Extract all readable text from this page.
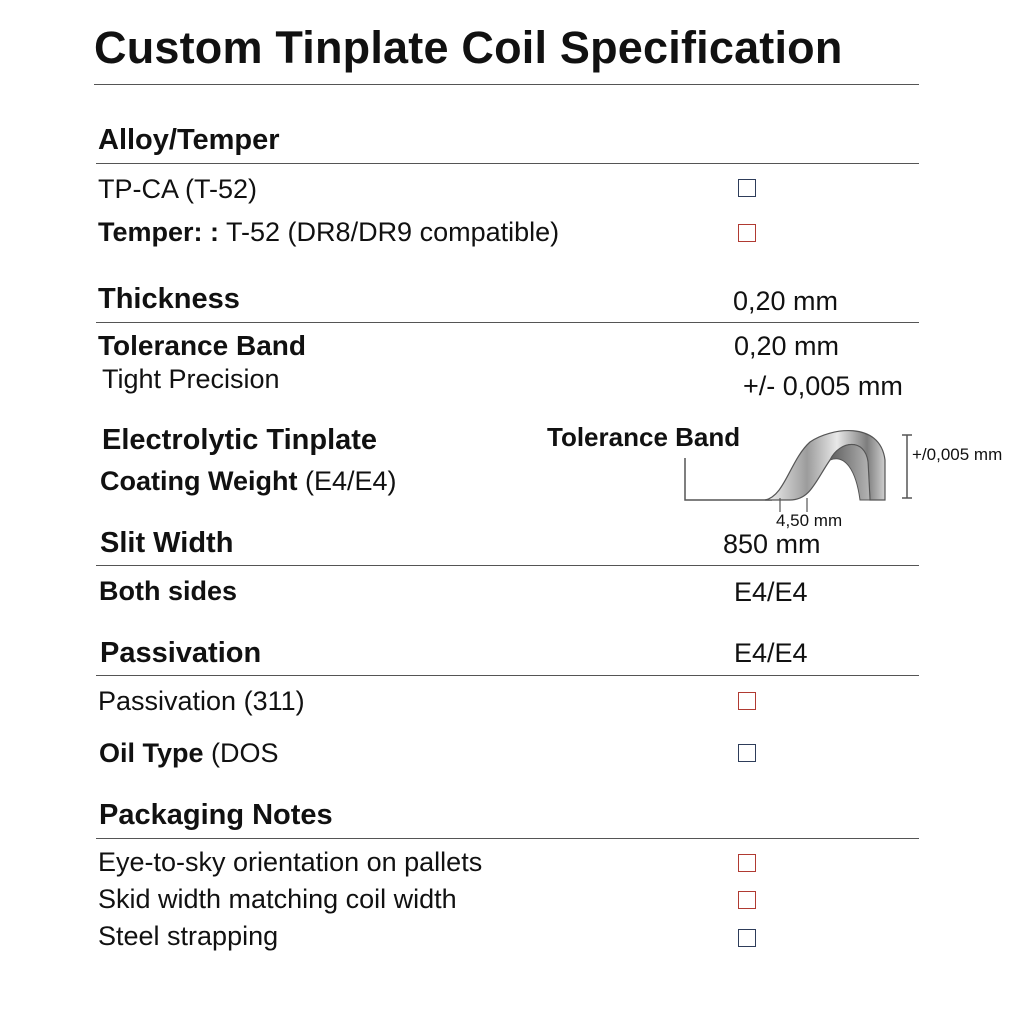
Custom Tinplate Coil Specification
Alloy/Temper
TP-CA (T-52)
Temper: : T-52 (DR8/DR9 compatible)
Thickness	0,20 mm
Tolerance Band	0,20 mm
Tight Precision	+/- 0,005 mm
Electrolytic Tinplate
Coating Weight (E4/E4)
Tolerance Band
+/0,005 mm
4,50 mm
Slit Width	850 mm
Both sides	E4/E4
Passivation	E4/E4
Passivation (311)
Oil Type (DOS
Packaging Notes
Eye-to-sky orientation on pallets
Skid width matching coil width
Steel strapping
